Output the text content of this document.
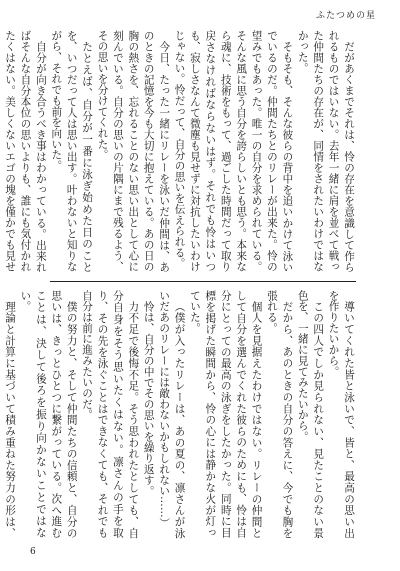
ふたつめの星

だがあくまでそれは、怜の存在を意識して作られるものではいない。去年一緒に肩を並べて戦った仲間たちの存在が、同情をされたいわけではなかった。

そもそも、そんな彼らの背中を追いかけて泳いでいるのだ。仲間たちとのリレーが出来た。怜の望みでもあった。唯一の自分を求められている。そんな風に思う自分を誇らしいとも思う。本来なら魂に、技術をもって、過ごした時間だって取り戻さなければならないはず。それでも怜はいつも、寂しさなんて微塵も見せずに対抗したいわけじゃない。怜だって、自分の思いを伝えられる。

今日、たった一緒にリレーを泳いだ仲間は、あのときの記憶を今も大切に抱えている。あの日の胸の熱さを、忘れることのない思い出として心に刻んでいる。自分の思いの片隅にまで残るよう、その思いを分けてくれた。

たとえば、自分が一番に泳ぎ始めた日のことを、いつだって人は思い出す。叶わないと知りながら、それでも前を向いた。

自分が向き合うべき事はわかっている。出来ればそんな自分本位の思いよりも、誰にも気付かれたくはない。美しくないエゴの塊を僅かでも見せ

導いてくれた皆と泳いで、皆と、最高の思い出を作りたいから。

この四人でしか見られない、見たことのない景色を、一緒に見てみたいから。

だから、あのときの自分の答えに、今でも胸を張れる。

個人を見据えたわけではない。リレーの仲間として自分を選んでくれた彼らのためにも、怜は自分にとっての最高の泳ぎをしたかった。同時に目標を掲げた瞬間から、怜の心には静かな火が灯っていた。

（僕が入ったリレーは、あの夏の、凛さんが泳いだあのリレーには敵わないかもしれない……）

怜は、自分の中でその思いを繰り返す。

力不足で後悔不足。そう思われたとしても、自分自身をそう思いたくはない。凛さんの手を取り、その先を泳ぐことはできなくても、それでも自分は前に進みたいのだ。

僕の努力と、そして仲間たちの信頼と、自分の思いは、きっとひとつに繋がっている。次へ進むことは、決して後ろを振り向かないことではない。

理論と計算に基づいて積み重ねた努力の形は、

6
